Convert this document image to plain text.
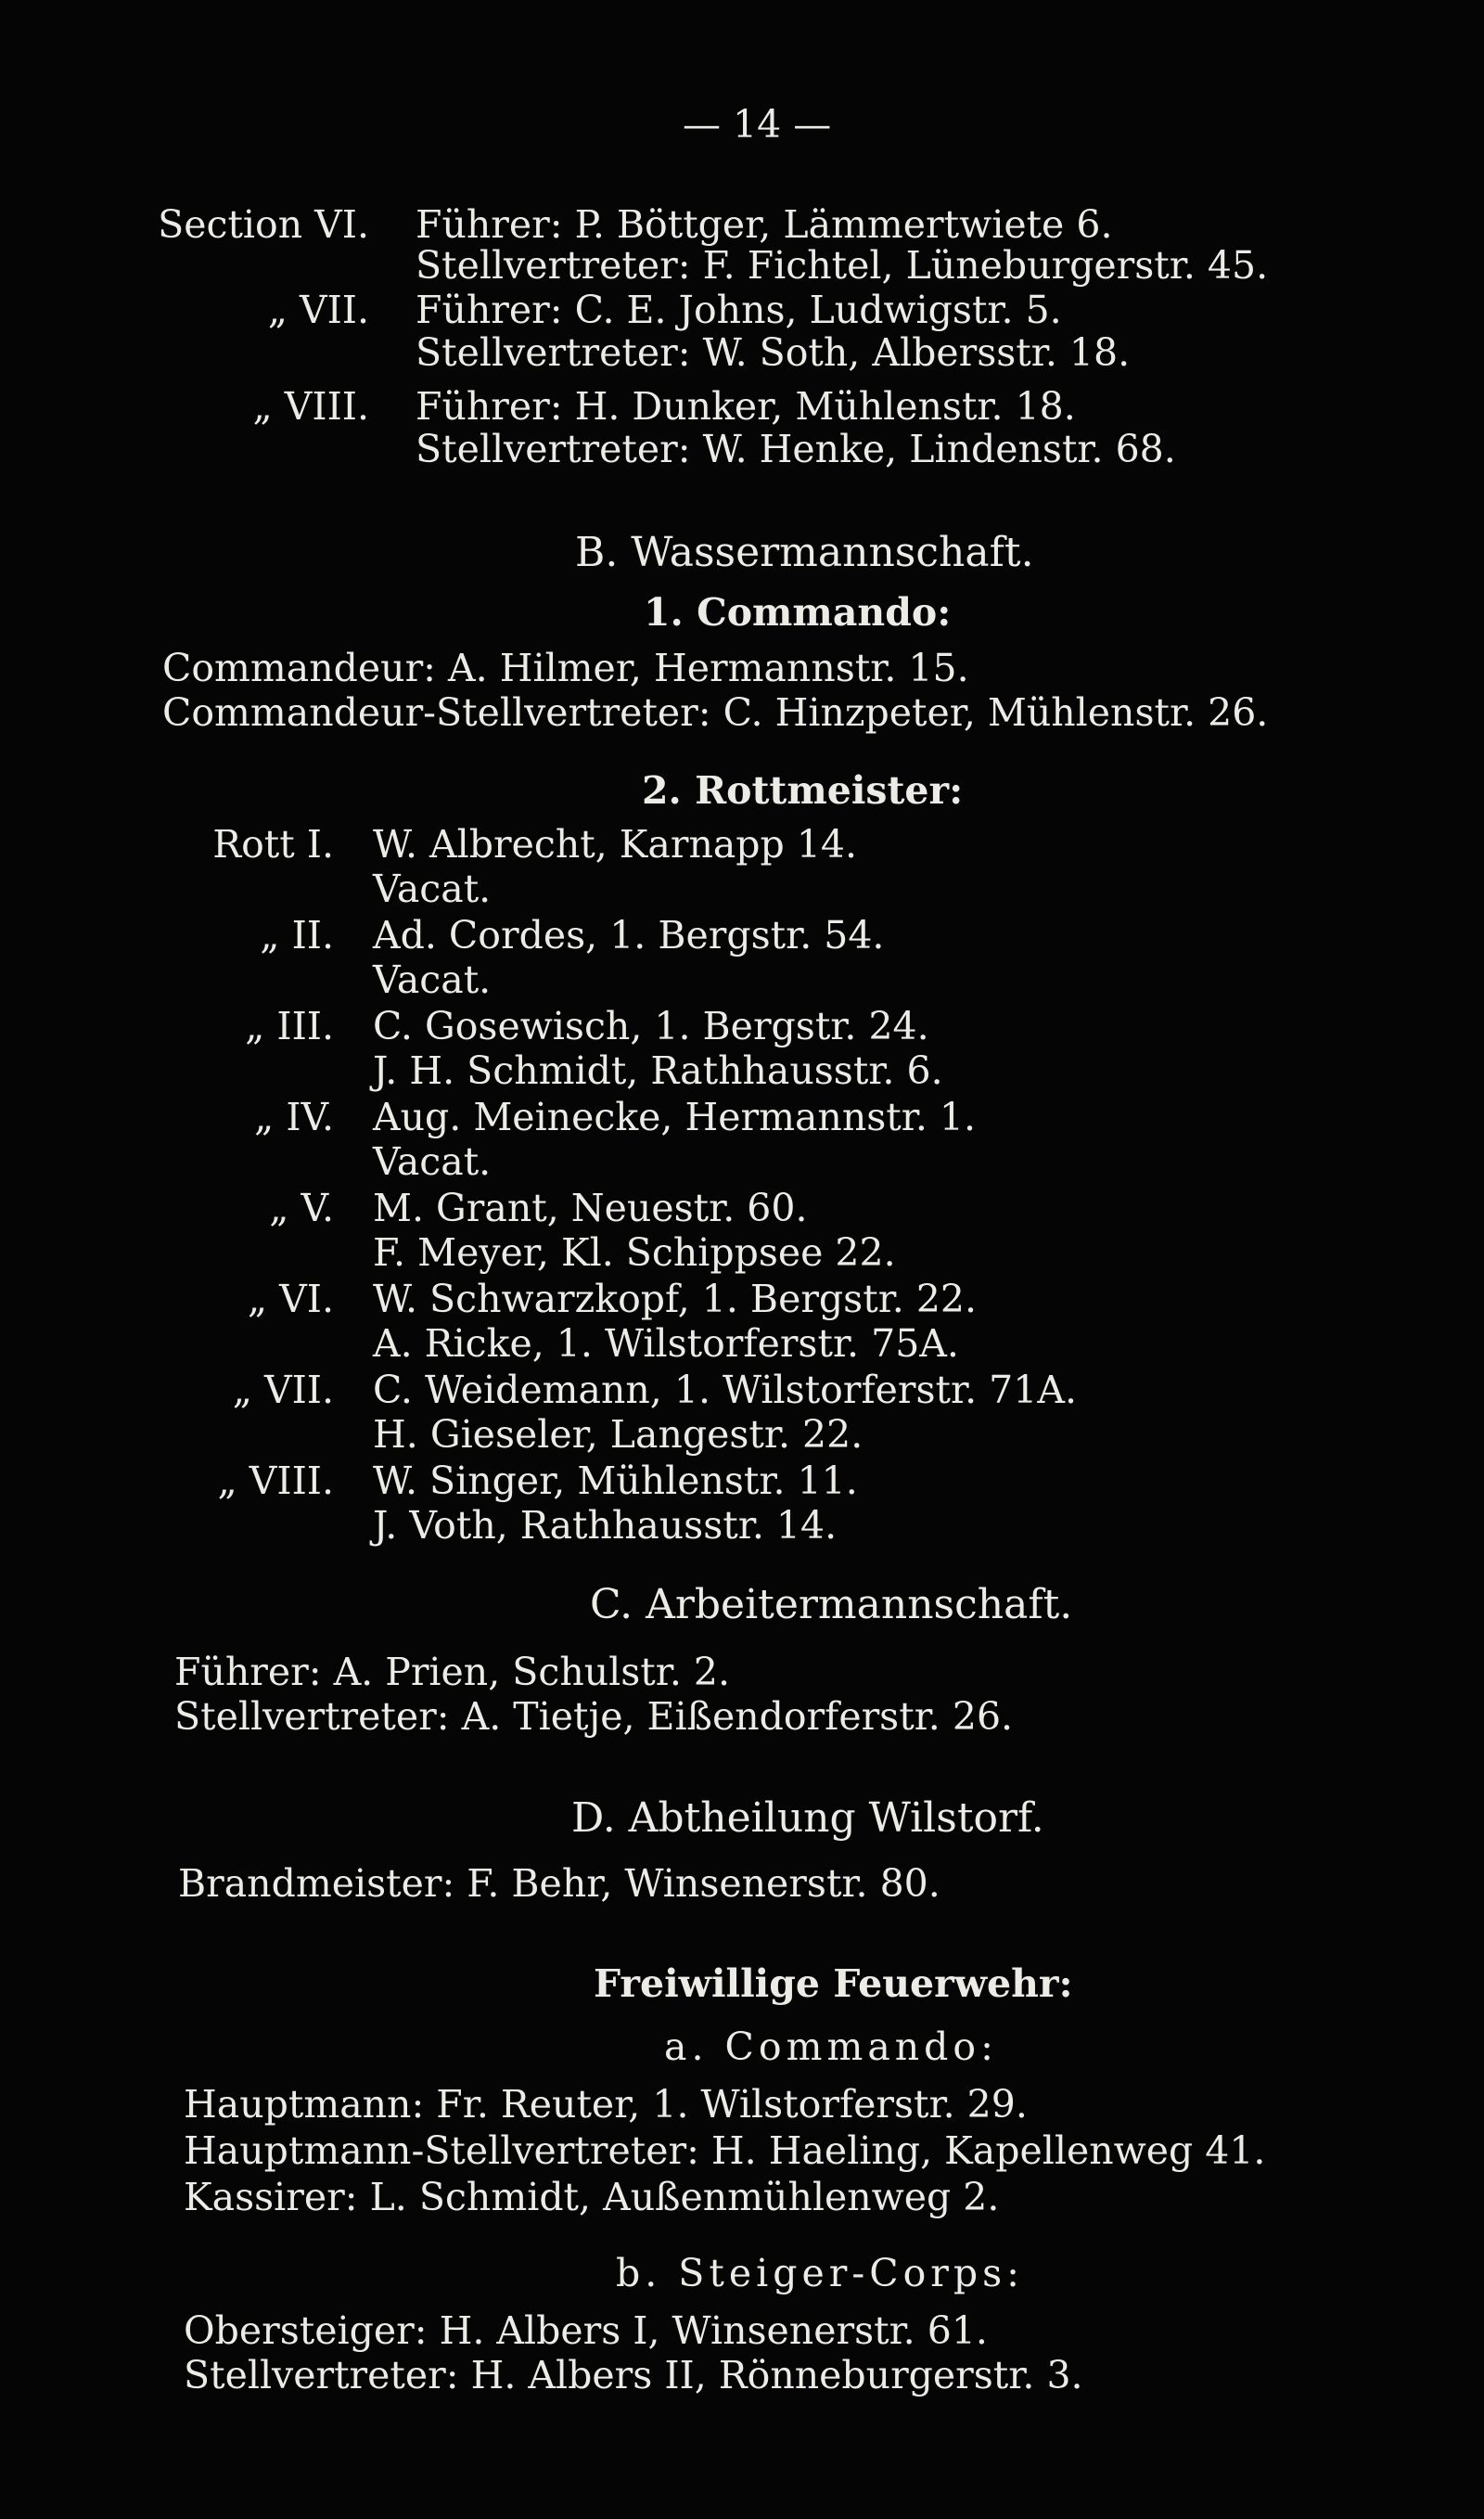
— 14 —
Section VI. Führer: P. Böttger, Lämmertwiete 6.
Stellvertreter: F. Fichtel, Lüneburgerstr. 45.
„ VII. Führer: C. E. Johns, Ludwigstr. 5.
Stellvertreter: W. Soth, Albersstr. 18.
„ VIII. Führer: H. Dunker, Mühlenstr. 18.
Stellvertreter: W. Henke, Lindenstr. 68.
B. Wassermannschaft.
1. Commando:
Commandeur: A. Hilmer, Hermannstr. 15.
Commandeur-Stellvertreter: C. Hinzpeter, Mühlenstr. 26.
2. Rottmeister:
Rott I. W. Albrecht, Karnapp 14.
Vacat.
„ II. Ad. Cordes, 1. Bergstr. 54.
Vacat.
„ III. C. Gosewisch, 1. Bergstr. 24.
J. H. Schmidt, Rathhausstr. 6.
„ IV. Aug. Meinecke, Hermannstr. 1.
Vacat.
„ V. M. Grant, Neuestr. 60.
F. Meyer, Kl. Schippsee 22.
„ VI. W. Schwarzkopf, 1. Bergstr. 22.
A. Ricke, 1. Wilstorferstr. 75A.
„ VII. C. Weidemann, 1. Wilstorferstr. 71A.
H. Gieseler, Langestr. 22.
„ VIII. W. Singer, Mühlenstr. 11.
J. Voth, Rathhausstr. 14.
C. Arbeitermannschaft.
Führer: A. Prien, Schulstr. 2.
Stellvertreter: A. Tietje, Eißendorferstr. 26.
D. Abtheilung Wilstorf.
Brandmeister: F. Behr, Winsenerstr. 80.
Freiwillige Feuerwehr:
a. Commando:
Hauptmann: Fr. Reuter, 1. Wilstorferstr. 29.
Hauptmann-Stellvertreter: H. Haeling, Kapellenweg 41.
Kassirer: L. Schmidt, Außenmühlenweg 2.
b. Steiger-Corps:
Obersteiger: H. Albers I, Winsenerstr. 61.
Stellvertreter: H. Albers II, Rönneburgerstr. 3.
